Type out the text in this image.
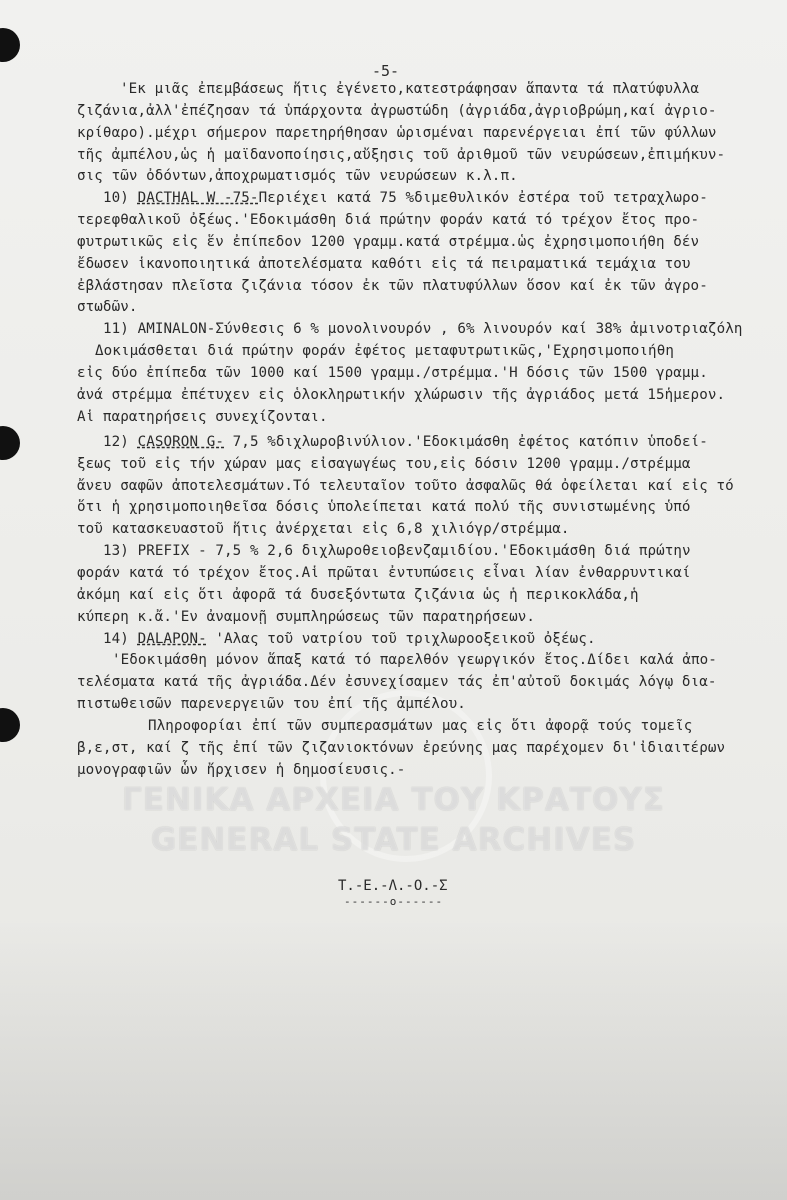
ΓΕΝΙΚΑ ΑΡΧΕΙΑ ΤΟΥ ΚΡΑΤΟΥΣ
GENERAL STATE ARCHIVES
-5-
'Εκ μιᾶς ἐπεμβάσεως ἥτις ἐγένετο,κατεστράφησαν ἅπαντα τά πλατύφυλλα
ζιζάνια,ἀλλ'ἐπέζησαν τά ὑπάρχοντα ἀγρωστώδη (ἀγριάδα,ἀγριοβρώμη,καί ἀγριο-
κρίθαρο).μέχρι σήμερον παρετηρήθησαν ὡρισμέναι παρενέργειαι ἐπί τῶν φύλλων
τῆς ἀμπέλου,ὡς ἡ μαϊδανοποίησις,αὔξησις τοῦ ἀριθμοῦ τῶν νευρώσεων,ἐπιμήκυν-
σις τῶν ὀδόντων,ἀποχρωματισμός τῶν νευρώσεων κ.λ.π.
10) DACTHAL W -75-Περιέχει κατά 75 %διμεθυλικόν ἐστέρα τοῦ τετραχλωρο-
τερεφθαλικοῦ ὀξέως.'Εδοκιμάσθη διά πρώτην φοράν κατά τό τρέχον ἔτος προ-
φυτρωτικῶς εἰς ἕν ἐπίπεδον 1200 γραμμ.κατά στρέμμα.ὡς ἐχρησιμοποιήθη δέν
ἔδωσεν ἱκανοποιητικά ἀποτελέσματα καθότι εἰς τά πειραματικά τεμάχια του
ἐβλάστησαν πλεῖστα ζιζάνια τόσον ἐκ τῶν πλατυφύλλων ὅσον καί ἐκ τῶν ἀγρο-
στωδῶν.
11) AMINALON-Σύνθεσις 6 % μονολινουρόν , 6% λινουρόν καί 38% ἀμινοτριαζόλη
Δοκιμάσθεται διά πρώτην φοράν ἐφέτος μεταφυτρωτικῶς,'Εχρησιμοποιήθη
εἰς δύο ἐπίπεδα τῶν 1000 καί 1500 γραμμ./στρέμμα.'Η δόσις τῶν 1500 γραμμ.
ἀνά στρέμμα ἐπέτυχεν εἰς ὁλοκληρωτικήν χλώρωσιν τῆς ἀγριάδος μετά 15ἡμερον.
Αἱ παρατηρήσεις συνεχίζονται.
12) CASORON G- 7,5 %διχλωροβινύλιον.'Εδοκιμάσθη ἐφέτος κατόπιν ὑποδεί-
ξεως τοῦ εἰς τήν χώραν μας εἰσαγωγέως του,εἰς δόσιν 1200 γραμμ./στρέμμα
ἄνευ σαφῶν ἀποτελεσμάτων.Τό τελευταῖον τοῦτο ἀσφαλῶς θά ὀφείλεται καί εἰς τό
ὅτι ἡ χρησιμοποιηθεῖσα δόσις ὑπολείπεται κατά πολύ τῆς συνιστωμένης ὑπό
τοῦ κατασκευαστοῦ ἥτις ἀνέρχεται εἰς 6,8 χιλιόγρ/στρέμμα.
13) PREFIX - 7,5 % 2,6 διχλωροθειοβενζαμιδίου.'Εδοκιμάσθη διά πρώτην
φοράν κατά τό τρέχον ἔτος.Αἱ πρῶται ἐντυπώσεις εἶναι λίαν ἐνθαρρυντικαί
ἀκόμη καί εἰς ὅτι ἀφορᾶ τά δυσεξόντωτα ζιζάνια ὡς ἡ περικοκλάδα,ἡ
κύπερη κ.ἄ.'Εν ἀναμονῇ συμπληρώσεως τῶν παρατηρήσεων.
14) DALAPON- 'Αλας τοῦ νατρίου τοῦ τριχλωροοξεικοῦ ὀξέως.
'Εδοκιμάσθη μόνον ἅπαξ κατά τό παρελθόν γεωργικόν ἔτος.Δίδει καλά ἀπο-
τελέσματα κατά τῆς ἀγριάδα.Δέν ἐσυνεχίσαμεν τάς ἐπ'αὐτοῦ δοκιμάς λόγῳ δια-
πιστωθεισῶν παρενεργειῶν του ἐπί τῆς ἀμπέλου.
Πληροφορίαι ἐπί τῶν συμπερασμάτων μας εἰς ὅτι ἀφορᾷ τούς τομεῖς
β,ε,στ, καί ζ τῆς ἐπί τῶν ζιζανιοκτόνων ἐρεύνης μας παρέχομεν δι'ἰδιαιτέρων
μονογραφιῶν ὧν ἤρχισεν ἡ δημοσίευσις.-
Τ.-Ε.-Λ.-Ο.-Σ
------o------
